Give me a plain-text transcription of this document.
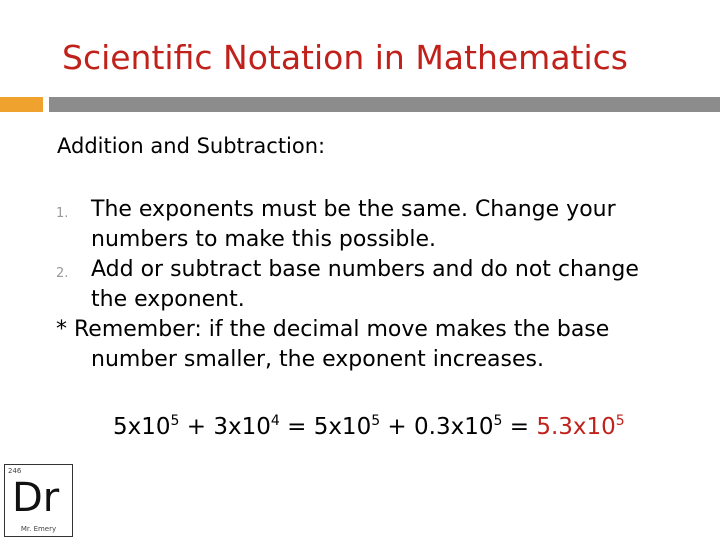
Scientific Notation in Mathematics
Addition and Subtraction:
1. The exponents must be the same. Change your
numbers to make this possible.
2. Add or subtract base numbers and do not change
the exponent.
* Remember: if the decimal move makes the base
number smaller, the exponent increases.
$5x10^5 + 3x10^4 = 5x10^5 + 0.3x10^5 = 5.3x10^5$
246
Dr
Mr. Emery
